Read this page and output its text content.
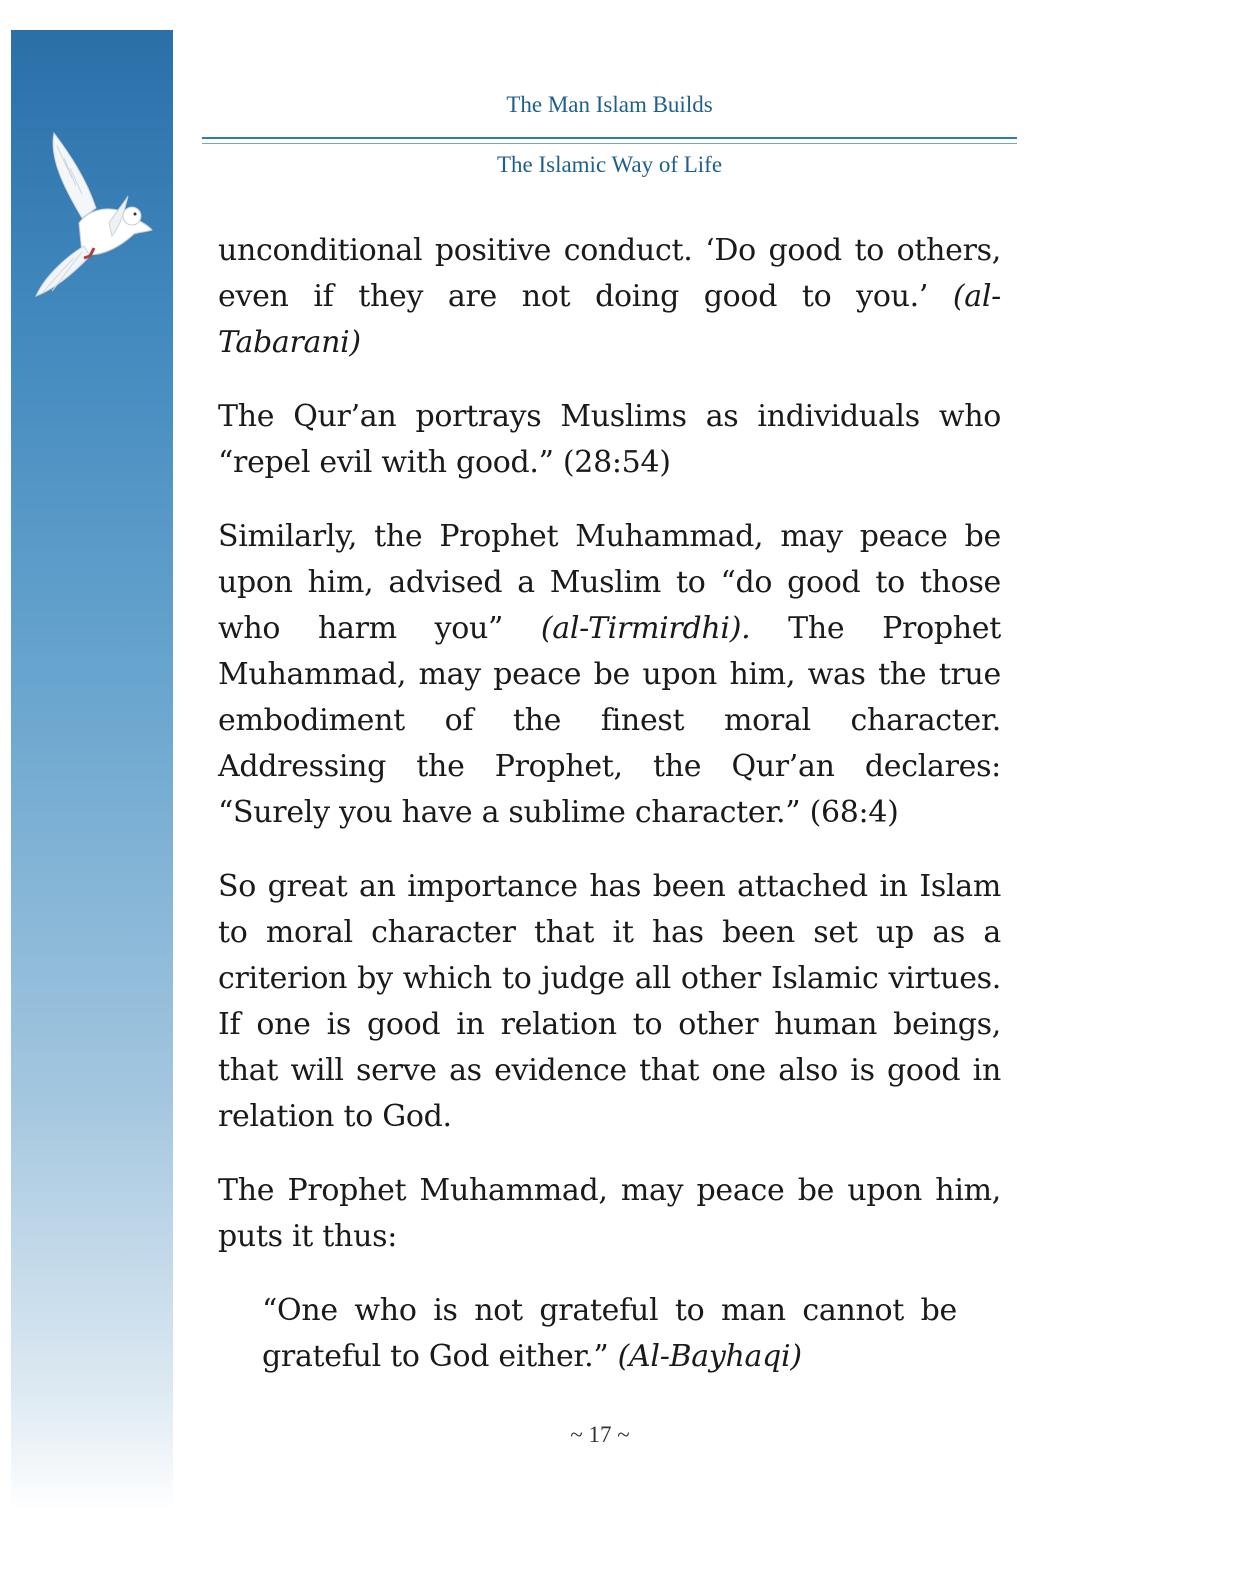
The Man Islam Builds
The Islamic Way of Life

unconditional positive conduct. ‘Do good to others, even if they are not doing good to you.’ (al-Tabarani)

The Qur’an portrays Muslims as individuals who “repel evil with good.” (28:54)

Similarly, the Prophet Muhammad, may peace be upon him, advised a Muslim to “do good to those who harm you” (al-Tirmirdhi). The Prophet Muhammad, may peace be upon him, was the true embodiment of the finest moral character. Addressing the Prophet, the Qur’an declares: “Surely you have a sublime character.” (68:4)

So great an importance has been attached in Islam to moral character that it has been set up as a criterion by which to judge all other Islamic virtues. If one is good in relation to other human beings, that will serve as evidence that one also is good in relation to God.

The Prophet Muhammad, may peace be upon him, puts it thus:

“One who is not grateful to man cannot be grateful to God either.” (Al-Bayhaqi)

~ 17 ~
